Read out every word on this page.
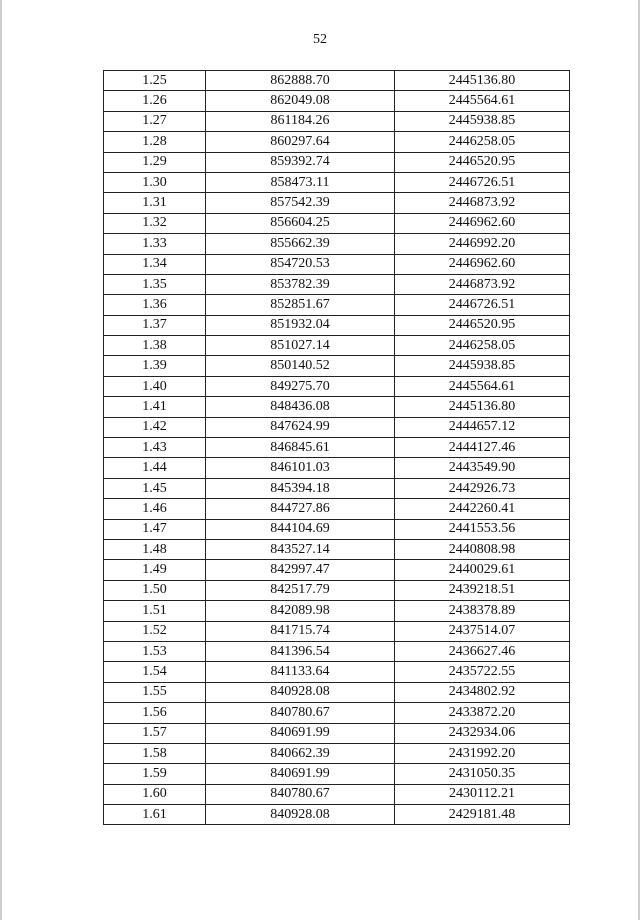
52
1.25	862888.70	2445136.80
1.26	862049.08	2445564.61
1.27	861184.26	2445938.85
1.28	860297.64	2446258.05
1.29	859392.74	2446520.95
1.30	858473.11	2446726.51
1.31	857542.39	2446873.92
1.32	856604.25	2446962.60
1.33	855662.39	2446992.20
1.34	854720.53	2446962.60
1.35	853782.39	2446873.92
1.36	852851.67	2446726.51
1.37	851932.04	2446520.95
1.38	851027.14	2446258.05
1.39	850140.52	2445938.85
1.40	849275.70	2445564.61
1.41	848436.08	2445136.80
1.42	847624.99	2444657.12
1.43	846845.61	2444127.46
1.44	846101.03	2443549.90
1.45	845394.18	2442926.73
1.46	844727.86	2442260.41
1.47	844104.69	2441553.56
1.48	843527.14	2440808.98
1.49	842997.47	2440029.61
1.50	842517.79	2439218.51
1.51	842089.98	2438378.89
1.52	841715.74	2437514.07
1.53	841396.54	2436627.46
1.54	841133.64	2435722.55
1.55	840928.08	2434802.92
1.56	840780.67	2433872.20
1.57	840691.99	2432934.06
1.58	840662.39	2431992.20
1.59	840691.99	2431050.35
1.60	840780.67	2430112.21
1.61	840928.08	2429181.48
